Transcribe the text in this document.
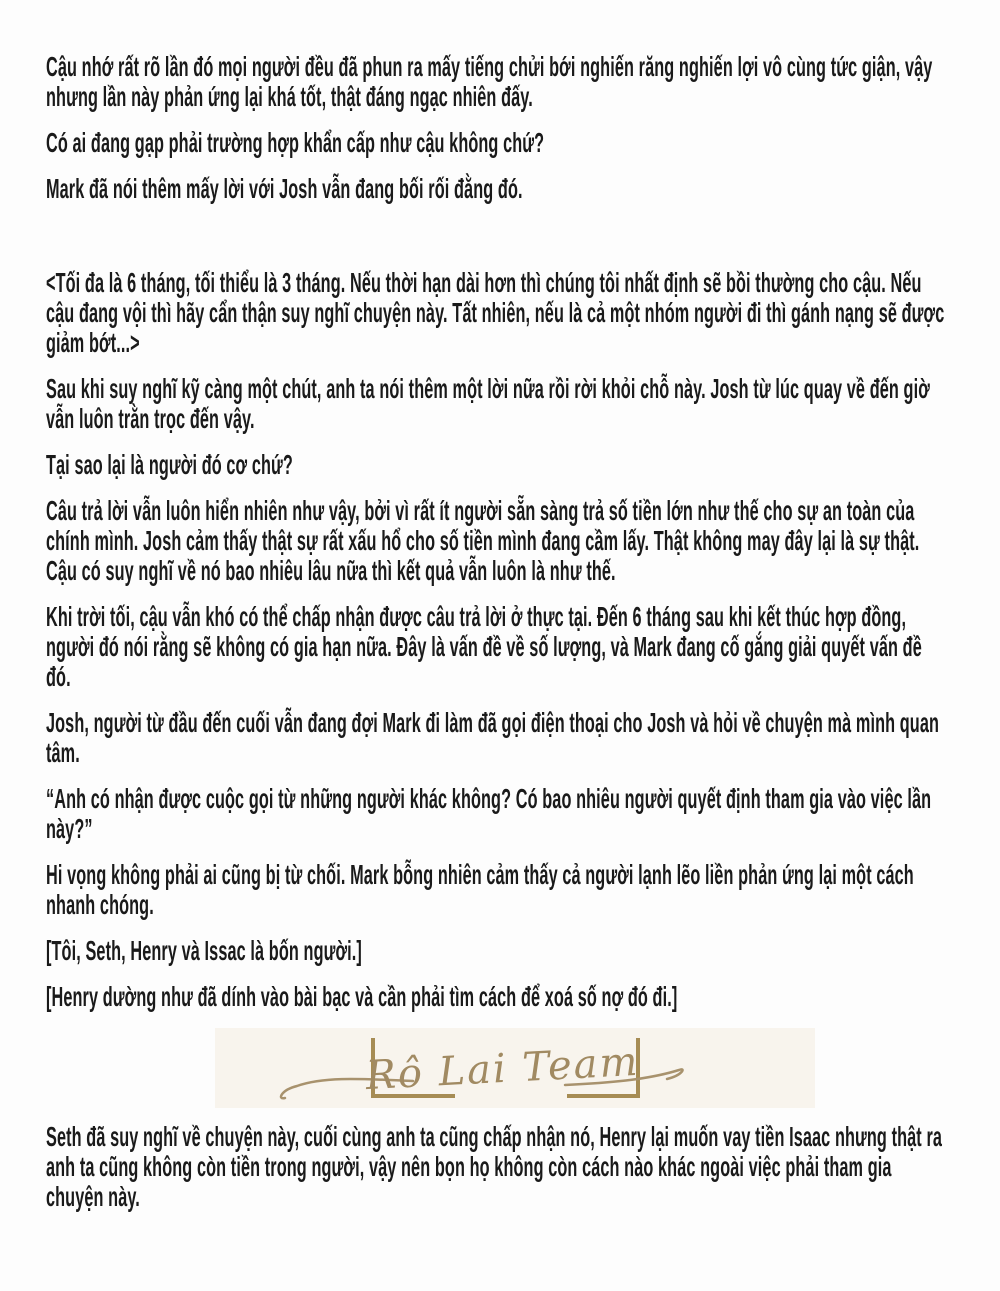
Cậu nhớ rất rõ lần đó mọi người đều đã phun ra mấy tiếng chửi bới nghiến răng nghiến lợi vô cùng tức giận, vậy nhưng lần này phản ứng lại khá tốt, thật đáng ngạc nhiên đấy.

Có ai đang gạp phải trường hợp khẩn cấp như cậu không chứ?

Mark đã nói thêm mấy lời với Josh vẫn đang bối rối đằng đó.

<Tối đa là 6 tháng, tối thiểu là 3 tháng. Nếu thời hạn dài hơn thì chúng tôi nhất định sẽ bồi thường cho cậu. Nếu cậu đang vội thì hãy cẩn thận suy nghĩ chuyện này. Tất nhiên, nếu là cả một nhóm người đi thì gánh nạng sẽ được giảm bớt...>

Sau khi suy nghĩ kỹ càng một chút, anh ta nói thêm một lời nữa rồi rời khỏi chỗ này. Josh từ lúc quay về đến giờ vẫn luôn trằn trọc đến vậy.

Tại sao lại là người đó cơ chứ?

Câu trả lời vẫn luôn hiển nhiên như vậy, bởi vì rất ít người sẵn sàng trả số tiền lớn như thế cho sự an toàn của chính mình. Josh cảm thấy thật sự rất xấu hổ cho số tiền mình đang cầm lấy. Thật không may đây lại là sự thật. Cậu có suy nghĩ về nó bao nhiêu lâu nữa thì kết quả vẫn luôn là như thế.

Khi trời tối, cậu vẫn khó có thể chấp nhận được câu trả lời ở thực tại. Đến 6 tháng sau khi kết thúc hợp đồng, người đó nói rằng sẽ không có gia hạn nữa. Đây là vấn đề về số lượng, và Mark đang cố gắng giải quyết vấn đề đó.

Josh, người từ đầu đến cuối vẫn đang đợi Mark đi làm đã gọi điện thoại cho Josh và hỏi về chuyện mà mình quan tâm.

“Anh có nhận được cuộc gọi từ những người khác không? Có bao nhiêu người quyết định tham gia vào việc lần này?”

Hi vọng không phải ai cũng bị từ chối. Mark bỗng nhiên cảm thấy cả người lạnh lẽo liền phản ứng lại một cách nhanh chóng.

[Tôi, Seth, Henry và Issac là bốn người.]

[Henry dường như đã dính vào bài bạc và cần phải tìm cách để xoá số nợ đó đi.]

Rô Lai Team

Seth đã suy nghĩ về chuyện này, cuối cùng anh ta cũng chấp nhận nó, Henry lại muốn vay tiền Isaac nhưng thật ra anh ta cũng không còn tiền trong người, vậy nên bọn họ không còn cách nào khác ngoài việc phải tham gia chuyện này.
